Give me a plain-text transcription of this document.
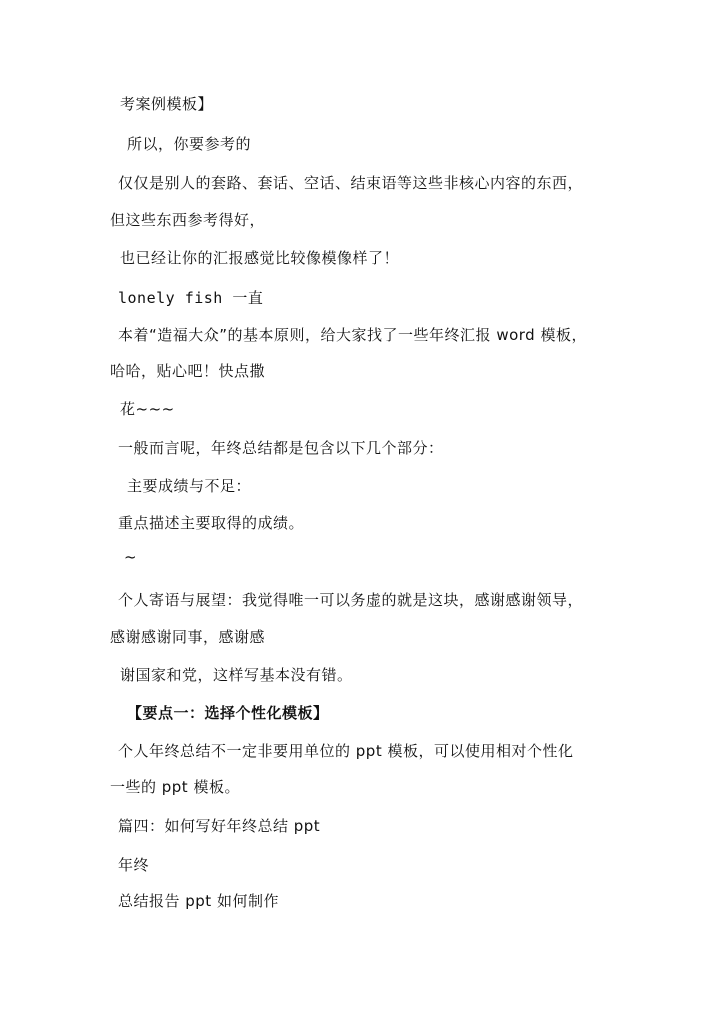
考案例模板】
所以，你要参考的
仅仅是别人的套路、套话、空话、结束语等这些非核心内容的东西，
但这些东西参考得好，
也已经让你的汇报感觉比较像模像样了！
lonely fish 一直
本着“造福大众”的基本原则，给大家找了一些年终汇报 word 模板，
哈哈，贴心吧！快点撒
花~~~
一般而言呢，年终总结都是包含以下几个部分：
主要成绩与不足：
重点描述主要取得的成绩。
~
个人寄语与展望：我觉得唯一可以务虚的就是这块，感谢感谢领导，
感谢感谢同事，感谢感
谢国家和党，这样写基本没有错。
【要点一：选择个性化模板】
个人年终总结不一定非要用单位的 ppt 模板，可以使用相对个性化
一些的 ppt 模板。
篇四：如何写好年终总结 ppt
年终
总结报告 ppt 如何制作
